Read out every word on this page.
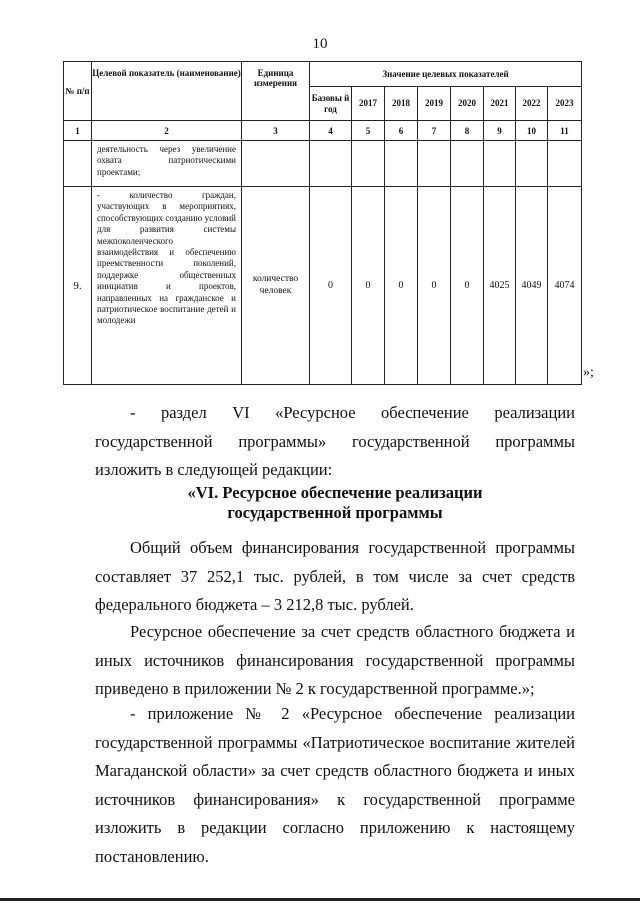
10
№ п/п	Целевой показатель (наименование)	Единица измерения	Значение целевых показателей							
			Базовы й год	2017	2018	2019	2020	2021	2022	2023
1	2	3	4	5	6	7	8	9	10	11
	деятельность через увеличение охвата патриотическими проектами;									
9.	- количество граждан, участвующих в мероприятиях, способствующих созданию условий для развития системы межпоколенческого взаимодействия и обеспечению преемственности поколений, поддержке общественных инициатив и проектов, направленных на гражданское и патриотическое воспитание детей и молодежи	количество человек	0	0	0	0	0	4025	4049	4074
»;
- раздел VI «Ресурсное обеспечение реализации государственной программы» государственной программы изложить в следующей редакции:
«VI. Ресурсное обеспечение реализации
государственной программы
Общий объем финансирования государственной программы составляет 37 252,1 тыс. рублей, в том числе за счет средств федерального бюджета – 3 212,8 тыс. рублей.
Ресурсное обеспечение за счет средств областного бюджета и иных источников финансирования государственной программы приведено в приложении № 2 к государственной программе.»;
- приложение № 2 «Ресурсное обеспечение реализации государственной программы «Патриотическое воспитание жителей Магаданской области» за счет средств областного бюджета и иных источников финансирования» к государственной программе изложить в редакции согласно приложению к настоящему постановлению.
